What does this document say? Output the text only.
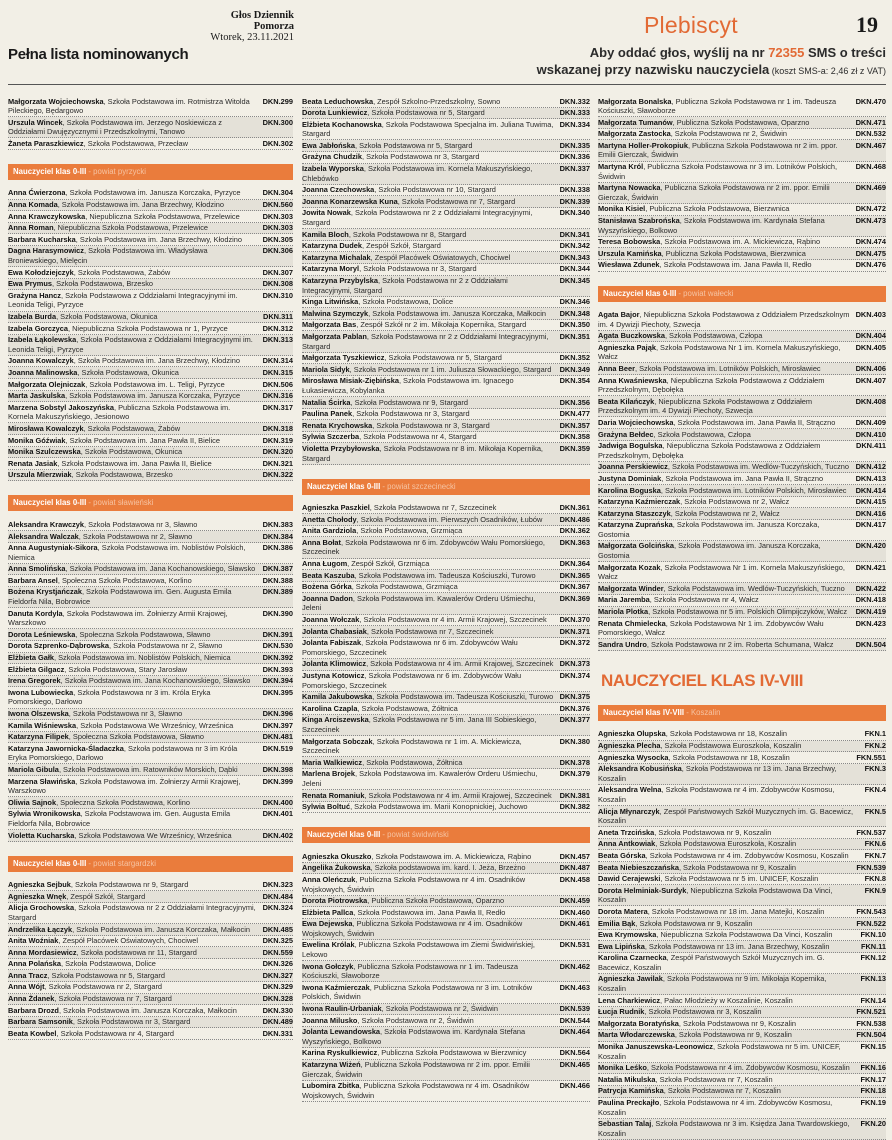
Pełna lista nominowanych
Głos Dziennik Pomorza
Wtorek, 23.11.2021	Plebiscyt	19
Aby oddać głos, wyślij na nr 72355 SMS o treści
wskazanej przy nazwisku nauczyciela (koszt SMS-a: 2,46 zł z VAT)
Małgorzata Wojciechowska, Szkoła Podstawowa im. Rotmistrza Witolda Pileckiego, Będargowo
DKN.299
Urszula Wincek, Szkoła Podstawowa im. Jerzego Noskiewicza z Oddziałami Dwujęzycznymi i Przedszkolnymi, Tanowo
DKN.300
Żaneta Paraszkiewicz, Szkoła Podstawowa, Przecław	DKN.302
Nauczyciel klas 0-III - powiat pyrzycki
Anna Ćwierzona, Szkoła Podstawowa im. Janusza Korczaka, Pyrzyce	DKN.304
Anna Komada, Szkoła Podstawowa im. Jana Brzechwy, Kłodzino	DKN.560
Anna Krawczykowska, Niepubliczna Szkoła Podstawowa, Przelewice	DKN.303
Anna Roman, Niepubliczna Szkoła Podstawowa, Przelewice	DKN.303
Barbara Kucharska, Szkoła Podstawowa im. Jana Brzechwy, Kłodzino	DKN.305
Dagna Harasymowicz, Szkoła Podstawowa im. Władysława Broniewskiego, Mielęcin
DKN.306
Ewa Kołodziejczyk, Szkoła Podstawowa, Żabów	DKN.307
Ewa Prymus, Szkoła Podstawowa, Brzesko	DKN.308
Grażyna Hancz, Szkoła Podstawowa z Oddziałami Integracyjnymi im. Leonida Teligi, Pyrzyce
DKN.310
Izabela Burda, Szkoła Podstawowa, Okunica	DKN.311
Izabela Gorczyca, Niepubliczna Szkoła Podstawowa nr 1, Pyrzyce	DKN.312
Izabela Łąkolewska, Szkoła Podstawowa z Oddziałami Integracyjnymi im. Leonida Teligi, Pyrzyce
DKN.313
Joanna Kowalczyk, Szkoła Podstawowa im. Jana Brzechwy, Kłodzino	DKN.314
Joanna Malinowska, Szkoła Podstawowa, Okunica	DKN.315
Małgorzata Olejniczak, Szkoła Podstawowa im. L. Teligi, Pyrzyce	DKN.506
Marta Jaskulska, Szkoła Podstawowa im. Janusza Korczaka, Pyrzyce	DKN.316
Marzena Sobstyl Jakoszyńska, Publiczna Szkoła Podstawowa im. Kornela Makuszyńskiego, Jesionowo
DKN.317
Mirosława Kowalczyk, Szkoła Podstawowa, Żabów	DKN.318
Monika Góźwiak, Szkoła Podstawowa im. Jana Pawła II, Bielice	DKN.319
Monika Szulczewska, Szkoła Podstawowa, Okunica	DKN.320
Renata Jasiak, Szkoła Podstawowa im. Jana Pawła II, Bielice	DKN.321
Urszula Mierzwiak, Szkoła Podstawowa, Brzesko	DKN.322
Nauczyciel klas 0-III - powiat sławieński
Aleksandra Krawczyk, Szkoła Podstawowa nr 3, Sławno	DKN.383
Aleksandra Walczak, Szkoła Podstawowa nr 2, Sławno	DKN.384
Anna Augustyniak-Sikora, Szkoła Podstawowa im. Noblistów Polskich, Niemica
DKN.386
Anna Smolińska, Szkoła Podstawowa im. Jana Kochanowskiego, Sławsko DKN.387
Barbara Ansel, Społeczna Szkoła Podstawowa, Korlino	DKN.388
Bożena Krystjańczak, Szkoła Podstawowa im. Gen. Augusta Emila Fieldorfa Nila, Bobrowice
DKN.389
Danuta Kordyla, Szkoła Podstawowa im. Żołnierzy Armii Krajowej, Warszkowo
DKN.390
Dorota Leśniewska, Społeczna Szkoła Podstawowa, Sławno	DKN.391
Dorota Szprenko-Dąbrowska, Szkoła Podstawowa nr 2, Sławno	DKN.530
Elżbieta Gałk, Szkoła Podstawowa im. Noblistów Polskich, Niemica	DKN.392
Elżbieta Gilgacz, Szkoła Podstawowa, Stary Jarosław	DKN.393
Irena Gregorek, Szkoła Podstawowa im. Jana Kochanowskiego, Sławsko	DKN.394
Iwona Lubowiecka, Szkoła Podstawowa nr 3 im. Króla Eryka Pomorskiego, Darłowo
DKN.395
Iwona Olszewska, Szkoła Podstawowa nr 3, Sławno	DKN.396
Kamila Wiśniewska, Szkoła Podstawowa We Wrześnicy, Wrześnica	DKN.397
Katarzyna Filipek, Społeczna Szkoła Podstawowa, Sławno	DKN.481
Katarzyna Jawornicka-Śladaczka, Szkoła podstawowa nr 3 im Króla Eryka Pomorskiego, Darłowo
DKN.519
Mariola Gibula, Szkoła Podstawowa im. Ratowników Morskich, Dąbki	DKN.398
Marzena Sławińska, Szkoła Podstawowa im. Żołnierzy Armii Krajowej, Warszkowo
DKN.399
Oliwia Sajnok, Społeczna Szkoła Podstawowa, Korlino	DKN.400
Sylwia Wronikowska, Szkoła Podstawowa im. Gen. Augusta Emila Fieldorfa Nila, Bobrowice
DKN.401
Violetta Kucharska, Szkoła Podstawowa We Wrześnicy, Wrześnica	DKN.402
Nauczyciel klas 0-III - powiat stargardzki
Agnieszka Sejbuk, Szkoła Podstawowa nr 9, Stargard	DKN.323
Agnieszka Wnęk, Zespół Szkół, Stargard	DKN.484
Alicja Grochowska, Szkoła Podstawowa nr 2 z Oddziałami Integracyjnymi, Stargard
DKN.324
Andrzelika Łączyk, Szkoła Podstawowa im. Janusza Korczaka, Małkocin	DKN.485
Anita Woźniak, Zespół Placówek Oświatowych, Chociwel	DKN.325
Anna Mordasiewicz, Szkoła podstawowa nr 11, Stargard	DKN.559
Anna Polańska, Szkoła Podstawowa, Dolice	DKN.326
Anna Tracz, Szkoła Podstawowa nr 5, Stargard	DKN.327
Anna Wójt, Szkoła Podstawowa nr 2, Stargard	DKN.329
Anna Żdanek, Szkoła Podstawowa nr 7, Stargard	DKN.328
Barbara Drozd, Szkoła Podstawowa im. Janusza Korczaka, Małkocin	DKN.330
Barbara Samsonik, Szkoła Podstawowa nr 3, Stargard	DKN.489
Beata Kowbel, Szkoła Podstawowa nr 4, Stargard	DKN.331
Beata Leduchowska, Zespół Szkolno-Przedszkolny, Sowno	DKN.332
Dorota Lunkiewicz, Szkoła Podstawowa nr 5, Stargard	DKN.333
Elżbieta Kochanowska, Szkoła Podstawowa Specjalna im. Juliana Tuwima, Stargard
DKN.334
Ewa Jabłońska, Szkoła Podstawowa nr 5, Stargard	DKN.335
Grażyna Chudzik, Szkoła Podstawowa nr 3, Stargard	DKN.336
Izabela Wyporska, Szkoła Podstawowa im. Kornela Makuszyńskiego, Chlebówko
DKN.337
Joanna Czechowska, Szkoła Podstawowa nr 10, Stargard	DKN.338
Joanna Konarzewska Kuna, Szkoła Podstawowa nr 7, Stargard	DKN.339
Jowita Nowak, Szkoła Podstawowa nr 2 z Oddziałami Integracyjnymi, Stargard
DKN.340
Kamila Bloch, Szkoła Podstawowa nr 8, Stargard	DKN.341
Katarzyna Dudek, Zespół Szkół, Stargard	DKN.342
Katarzyna Michalak, Zespół Placówek Oświatowych, Chociwel	DKN.343
Katarzyna Moryl, Szkoła Podstawowa nr 3, Stargard	DKN.344
Katarzyna Przybylska, Szkoła Podstawowa nr 2 z Oddziałami Integracyjnymi, Stargard
DKN.345
Kinga Litwińska, Szkoła Podstawowa, Dolice	DKN.346
Malwina Szymczyk, Szkoła Podstawowa im. Janusza Korczaka, Małkocin	DKN.348
Małgorzata Bas, Zespół Szkół nr 2 im. Mikołaja Kopernika, Stargard	DKN.350
Małgorzata Pablan, Szkoła Podstawowa nr 2 z Oddziałami Integracyjnymi, Stargard
DKN.351
Małgorzata Tyszkiewicz, Szkoła Podstawowa nr 5, Stargard	DKN.352
Mariola Sidyk, Szkoła Podstawowa nr 1 im. Juliusza Słowackiego, Stargard	DKN.349
Mirosława Misiak-Ziębińska, Szkoła Podstawowa im. Ignacego Łukasiewicza, Kobylanka
DKN.354
Natalia Ścirka, Szkoła Podstawowa nr 9, Stargard	DKN.356
Paulina Panek, Szkoła Podstawowa nr 3, Stargard	DKN.477
Renata Krychowska, Szkoła Podstawowa nr 3, Stargard	DKN.357
Sylwia Szczerba, Szkoła Podstawowa nr 4, Stargard	DKN.358
Violetta Przybyłowska, Szkoła Podstawowa nr 8 im. Mikołaja Kopernika, Stargard
DKN.359
Nauczyciel klas 0-III - powiat szczecinecki
Agnieszka Paszkiel, Szkoła Podstawowa nr 7, Szczecinek	DKN.361
Anetta Chołody, Szkoła Podstawowa im. Pierwszych Osadników, Łubów	DKN.486
Anita Gardziola, Szkoła Podstawowa, Grzmiąca	DKN.362
Anna Bołat, Szkoła Podstawowa nr 6 im. Zdobywców Wału Pomorskiego, Szczecinek
DKN.363
Anna Ługom, Zespół Szkół, Grzmiąca	DKN.364
Beata Kaszuba, Szkoła Podstawowa im. Tadeusza Kościuszki, Turowo	DKN.365
Bożena Górka, Szkoła Podstawowa, Grzmiąca	DKN.367
Joanna Dadon, Szkoła Podstawowa im. Kawalerów Orderu Uśmiechu, Jeleni
DKN.369
Joanna Wołczak, Szkoła Podstawowa nr 4 im. Armii Krajowej, Szczecinek	DKN.370
Jolanta Chabasiak, Szkoła Podstawowa nr 7, Szczecinek	DKN.371
Jolanta Fabiszak, Szkoła Podstawowa nr 6 im. Zdobywców Wału Pomorskiego, Szczecinek
DKN.372
Jolanta Klimowicz, Szkoła Podstawowa nr 4 im. Armii Krajowej, Szczecinek DKN.373
Justyna Kotowicz, Szkoła Podstawowa nr 6 im. Zdobywców Wału Pomorskiego, Szczecinek
DKN.374
Kamila Jakubowska, Szkoła Podstawowa im. Tadeusza Kościuszki, Turowo DKN.375
Karolina Czapla, Szkoła Podstawowa, Żółtnica	DKN.376
Kinga Arciszewska, Szkoła Podstawowa nr 5 im. Jana III Sobieskiego, Szczecinek
DKN.377
Małgorzata Sobczak, Szkoła Podstawowa nr 1 im. A. Mickiewicza, Szczecinek
DKN.380
Maria Walkiewicz, Szkoła Podstawowa, Żółtnica	DKN.378
Marlena Brojek, Szkoła Podstawowa im. Kawalerów Orderu Uśmiechu, Jeleni
DKN.379
Renata Romaniuk, Szkoła Podstawowa nr 4 im. Armii Krajowej, Szczecinek	DKN.381
Sylwia Boltuć, Szkoła Podstawowa im. Marii Konopnickiej, Juchowo	DKN.382
Nauczyciel klas 0-III - powiat świdwiński
Agnieszka Okuszko, Szkoła Podstawowa im. A. Mickiewicza, Rąbino	DKN.457
Angelika Żukowska, Szkoła podstawowa im. kard. I. Jeża, Brzeżno	DKN.487
Anna Oleńczuk, Publiczna Szkoła Podstawowa nr 4 im. Osadników Wojskowych, Świdwin
DKN.458
Dorota Piotrowska, Publiczna Szkoła Podstawowa, Oparzno	DKN.459
Elżbieta Pallca, Szkoła Podstawowa im. Jana Pawła II, Redło	DKN.460
Ewa Dejewska, Publiczna Szkoła Podstawowa nr 4 im. Osadników Wojskowych, Świdwin
DKN.461
Ewelina Królak, Publiczna Szkoła Podstawowa im Ziemi Świdwińskiej, Lekowo
DKN.531
Iwona Gołczyk, Publiczna Szkoła Podstawowa nr 1 im. Tadeusza Kościuszki, Sławoborze
DKN.462
Iwona Kaźmierczak, Publiczna Szkoła Podstawowa nr 3 im. Lotników Polskich, Świdwin
DKN.463
Iwona Raulin-Urbaniak, Szkoła Podstawowa nr 2, Świdwin	DKN.539
Joanna Milusko, Szkoła Podstawowa nr 2, Świdwin	DKN.544
Jolanta Lewandowska, Szkoła Podstawowa im. Kardynała Stefana Wyszyńskiego, Bolkowo
DKN.464
Karina Ryskulkiewicz, Publiczna Szkoła Podstawowa w Bierzwnicy	DKN.564
Katarzyna Wiżeń, Publiczna Szkoła Podstawowa nr 2 im. ppor. Emilii Gierczak, Świdwin
DKN.465
Lubomira Zbitka, Publiczna Szkoła Podstawowa nr 4 im. Osadników Wojskowych, Świdwin
DKN.466
Małgorzata Bonalska, Publiczna Szkoła Podstawowa nr 1 im. Tadeusza Kościuszki, Sławoborze
DKN.470
Małgorzata Tumanów, Publiczna Szkoła Podstawowa, Oparzno	DKN.471
Małgorzata Zastocka, Szkoła Podstawowa nr 2, Świdwin	DKN.532
Martyna Holler-Prokopiuk, Publiczna Szkoła Podstawowa nr 2 im. ppor. Emilii Gierczak, Świdwin
DKN.467
Martyna Król, Publiczna Szkoła Podstawowa nr 3 im. Lotników Polskich, Świdwin
DKN.468
Martyna Nowacka, Publiczna Szkoła Podstawowa nr 2 im. ppor. Emilii Gierczak, Świdwin
DKN.469
Monika Kisiel, Publiczna Szkoła Podstawowa, Bierzwnica	DKN.472
Stanisława Szabrońska, Szkoła Podstawowa im. Kardynała Stefana Wyszyńskiego, Bolkowo
DKN.473
Teresa Bobowska, Szkoła Podstawowa im. A. Mickiewicza, Rąbino	DKN.474
Urszula Kamińska, Publiczna Szkoła Podstawowa, Bierzwnica	DKN.475
Wiesława Zdunek, Szkoła Podstawowa im. Jana Pawła II, Redło	DKN.476
Nauczyciel klas 0-III - powiat wałecki
Agata Bajor, Niepubliczna Szkoła Podstawowa z Oddziałem Przedszkolnym im. 4 Dywizji Piechoty, Szwecja
DKN.403
Agata Buczkowska, Szkoła Podstawowa, Człopa	DKN.404
Agnieszka Pająk, Szkoła Podstawowa Nr 1 im. Kornela Makuszyńskiego, Wałcz
DKN.405
Anna Beer, Szkoła Podstawowa im. Lotników Polskich, Mirosławiec	DKN.406
Anna Kwaśniewska, Niepubliczna Szkoła Podstawowa z Oddziałem Przedszkolnym, Dębołęka
DKN.407
Beata Kilańczyk, Niepubliczna Szkoła Podstawowa z Oddziałem Przedszkolnym im. 4 Dywizji Piechoty, Szwecja
DKN.408
Daria Wojciechowska, Szkoła Podstawowa im. Jana Pawła II, Strączno	DKN.409
Grażyna Bełdec, Szkoła Podstawowa, Człopa	DKN.410
Jadwiga Bogulska, Niepubliczna Szkoła Podstawowa z Oddziałem Przedszkolnym, Dębołęka
DKN.411
Joanna Perskiewicz, Szkoła Podstawowa im. Wedlów-Tuczyńskich, Tuczno DKN.412
Justyna Dominiak, Szkoła Podstawowa im. Jana Pawła II, Strączno	DKN.413
Karolina Boguska, Szkoła Podstawowa im. Lotników Polskich, Mirosławiec	DKN.414
Katarzyna Kaźmierczak, Szkoła Podstawowa nr 2, Wałcz	DKN.415
Katarzyna Staszczyk, Szkoła Podstawowa nr 2, Wałcz	DKN.416
Katarzyna Zuprańska, Szkoła Podstawowa im. Janusza Korczaka, Gostomia
DKN.417
Małgorzata Golcińska, Szkoła Podstawowa im. Janusza Korczaka, Gostomia
DKN.420
Małgorzata Kozak, Szkoła Podstawowa Nr 1 im. Kornela Makuszyńskiego, Wałcz
DKN.421
Małgorzata Winder, Szkoła Podstawowa im. Wedlów-Tuczyńskich, Tuczno	DKN.422
Maria Jaremba, Szkoła Podstawowa nr 4, Wałcz	DKN.418
Mariola Plotka, Szkoła Podstawowa nr 5 im. Polskich Olimpijczyków, Wałcz	DKN.419
Renata Chmielecka, Szkoła Podstawowa Nr 1 im. Zdobywców Wału Pomorskiego, Wałcz
DKN.423
Sandra Undro, Szkoła Podstawowa nr 2 im. Roberta Schumana, Wałcz	DKN.504
NAUCZYCIEL KLAS IV-VIII
Nauczyciel klas IV-VIII - Koszalin
Agnieszka Olupska, Szkoła Podstawowa nr 18, Koszalin	FKN.1
Agnieszka Plecha, Szkoła Podstawowa Euroszkoła, Koszalin	FKN.2
Agnieszka Wysocka, Szkoła Podstawowa nr 18, Koszalin	FKN.551
Aleksandra Kobusińska, Szkoła Podstawowa nr 13 im. Jana Brzechwy, Koszalin
FKN.3
Aleksandra Welna, Szkoła Podstawowa nr 4 im. Zdobywców Kosmosu, Koszalin
FKN.4
Alicja Młynarczyk, Zespół Państwowych Szkół Muzycznych im. G. Bacewicz, Koszalin
FKN.5
Aneta Trzcińska, Szkoła Podstawowa nr 9, Koszalin	FKN.537
Anna Antkowiak, Szkoła Podstawowa Euroszkoła, Koszalin	FKN.6
Beata Górska, Szkoła Podstawowa nr 4 im. Zdobywców Kosmosu, Koszalin	FKN.7
Beata Niebieszczańska, Szkoła Podstawowa nr 9, Koszalin	FKN.539
Dawid Cerajewski, Szkoła Podstawowa nr 5 im. UNICEF, Koszalin	FKN.8
Dorota Helminiak-Surdyk, Niepubliczna Szkoła Podstawowa Da Vinci, Koszalin
FKN.9
Dorota Matera, Szkoła Podstawowa nr 18 im. Jana Matejki, Koszalin	FKN.543
Emilia Bąk, Szkoła Podstawowa nr 9, Koszalin	FKN.522
Ewa Krymowska, Niepubliczna Szkoła Podstawowa Da Vinci, Koszalin	FKN.10
Ewa Lipińska, Szkoła Podstawowa nr 13 im. Jana Brzechwy, Koszalin	FKN.11
Karolina Czarnecka, Zespół Państwowych Szkół Muzycznych im. G. Bacewicz, Koszalin
FKN.12
Agnieszka Jawilak, Szkoła Podstawowa nr 9 im. Mikołaja Kopernika, Koszalin
FKN.13
Lena Charkiewicz, Pałac Młodzieży w Koszalinie, Koszalin	FKN.14
Łucja Rudnik, Szkoła Podstawowa nr 3, Koszalin	FKN.521
Małgorzata Boratyńska, Szkoła Podstawowa nr 9, Koszalin	FKN.538
Marta Włodarczewska, Szkoła Podstawowa nr 9, Koszalin	FKN.504
Monika Januszewska-Leonowicz, Szkoła Podstawowa nr 5 im. UNICEF, Koszalin
FKN.15
Monika Leśko, Szkoła Podstawowa nr 4 im. Zdobywców Kosmosu, Koszalin	FKN.16
Natalia Mikulska, Szkoła Podstawowa nr 7, Koszalin	FKN.17
Patrycja Kamińska, Szkoła Podstawowa nr 7, Koszalin	FKN.18
Paulina Preckajło, Szkoła Podstawowa nr 4 im. Zdobywców Kosmosu, Koszalin
FKN.19
Sebastian Talaj, Szkoła Podstawowa nr 3 im. Księdza Jana Twardowskiego, Koszalin
FKN.20
